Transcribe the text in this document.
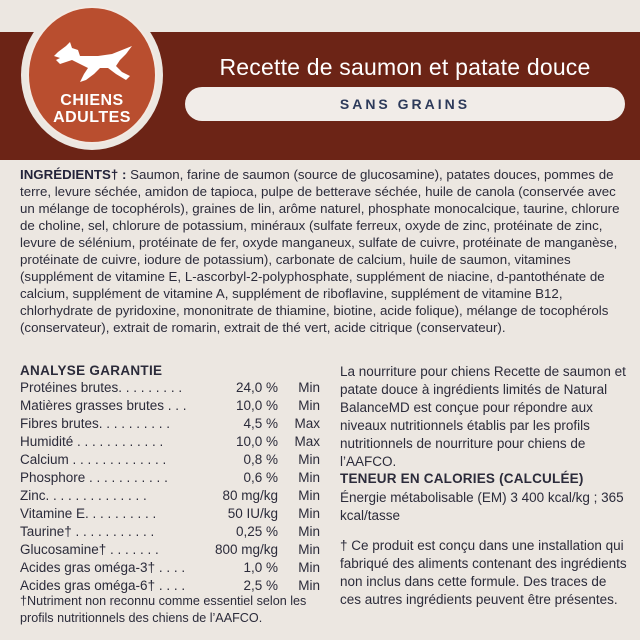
CHIENS
ADULTES
Recette de saumon et patate douce
SANS GRAINS

INGRÉDIENTS† : Saumon, farine de saumon (source de glucosamine), patates douces, pommes de terre, levure séchée, amidon de tapioca, pulpe de betterave séchée, huile de canola (conservée avec un mélange de tocophérols), graines de lin, arôme naturel, phosphate monocalcique, taurine, chlorure de choline, sel, chlorure de potassium, minéraux (sulfate ferreux, oxyde de zinc, protéinate de zinc, levure de sélénium, protéinate de fer, oxyde manganeux, sulfate de cuivre, protéinate de manganèse, protéinate de cuivre, iodure de potassium), carbonate de calcium, huile de saumon, vitamines (supplément de vitamine E, L-ascorbyl-2-polyphosphate, supplément de niacine, d-pantothénate de calcium, supplément de vitamine A, supplément de riboflavine, supplément de vitamine B12, chlorhydrate de pyridoxine, mononitrate de thiamine, biotine, acide folique), mélange de tocophérols (conservateur), extrait de romarin, extrait de thé vert, acide citrique (conservateur).

ANALYSE GARANTIE
Protéines brutes. . . . . . . . .	24,0 % Min
Matières grasses brutes . . .	10,0 % Min
Fibres brutes. . . . . . . . . .	4,5 % Max
Humidité . . . . . . . . . . . .	10,0 % Max
Calcium . . . . . . . . . . . . .	0,8 % Min
Phosphore . . . . . . . . . . .	0,6 % Min
Zinc. . . . . . . . . . . . . .	80 mg/kg Min
Vitamine E. . . . . . . . . .	50 IU/kg Min
Taurine† . . . . . . . . . . .	0,25 % Min
Glucosamine† . . . . . . .	800 mg/kg Min
Acides gras oméga-3† . . . .	1,0 % Min
Acides gras oméga-6† . . . .	2,5 % Min
†Nutriment non reconnu comme essentiel selon les profils nutritionnels des chiens de l’AAFCO.
La nourriture pour chiens Recette de saumon et patate douce à ingrédients limités de Natural BalanceMD est conçue pour répondre aux niveaux nutritionnels établis par les profils nutritionnels de nourriture pour chiens de l’AAFCO.
TENEUR EN CALORIES (CALCULÉE)
Énergie métabolisable (EM) 3 400 kcal/kg ; 365 kcal/tasse
† Ce produit est conçu dans une installation qui fabriqué des aliments contenant des ingrédients non inclus dans cette formule. Des traces de ces autres ingrédients peuvent être présentes.
